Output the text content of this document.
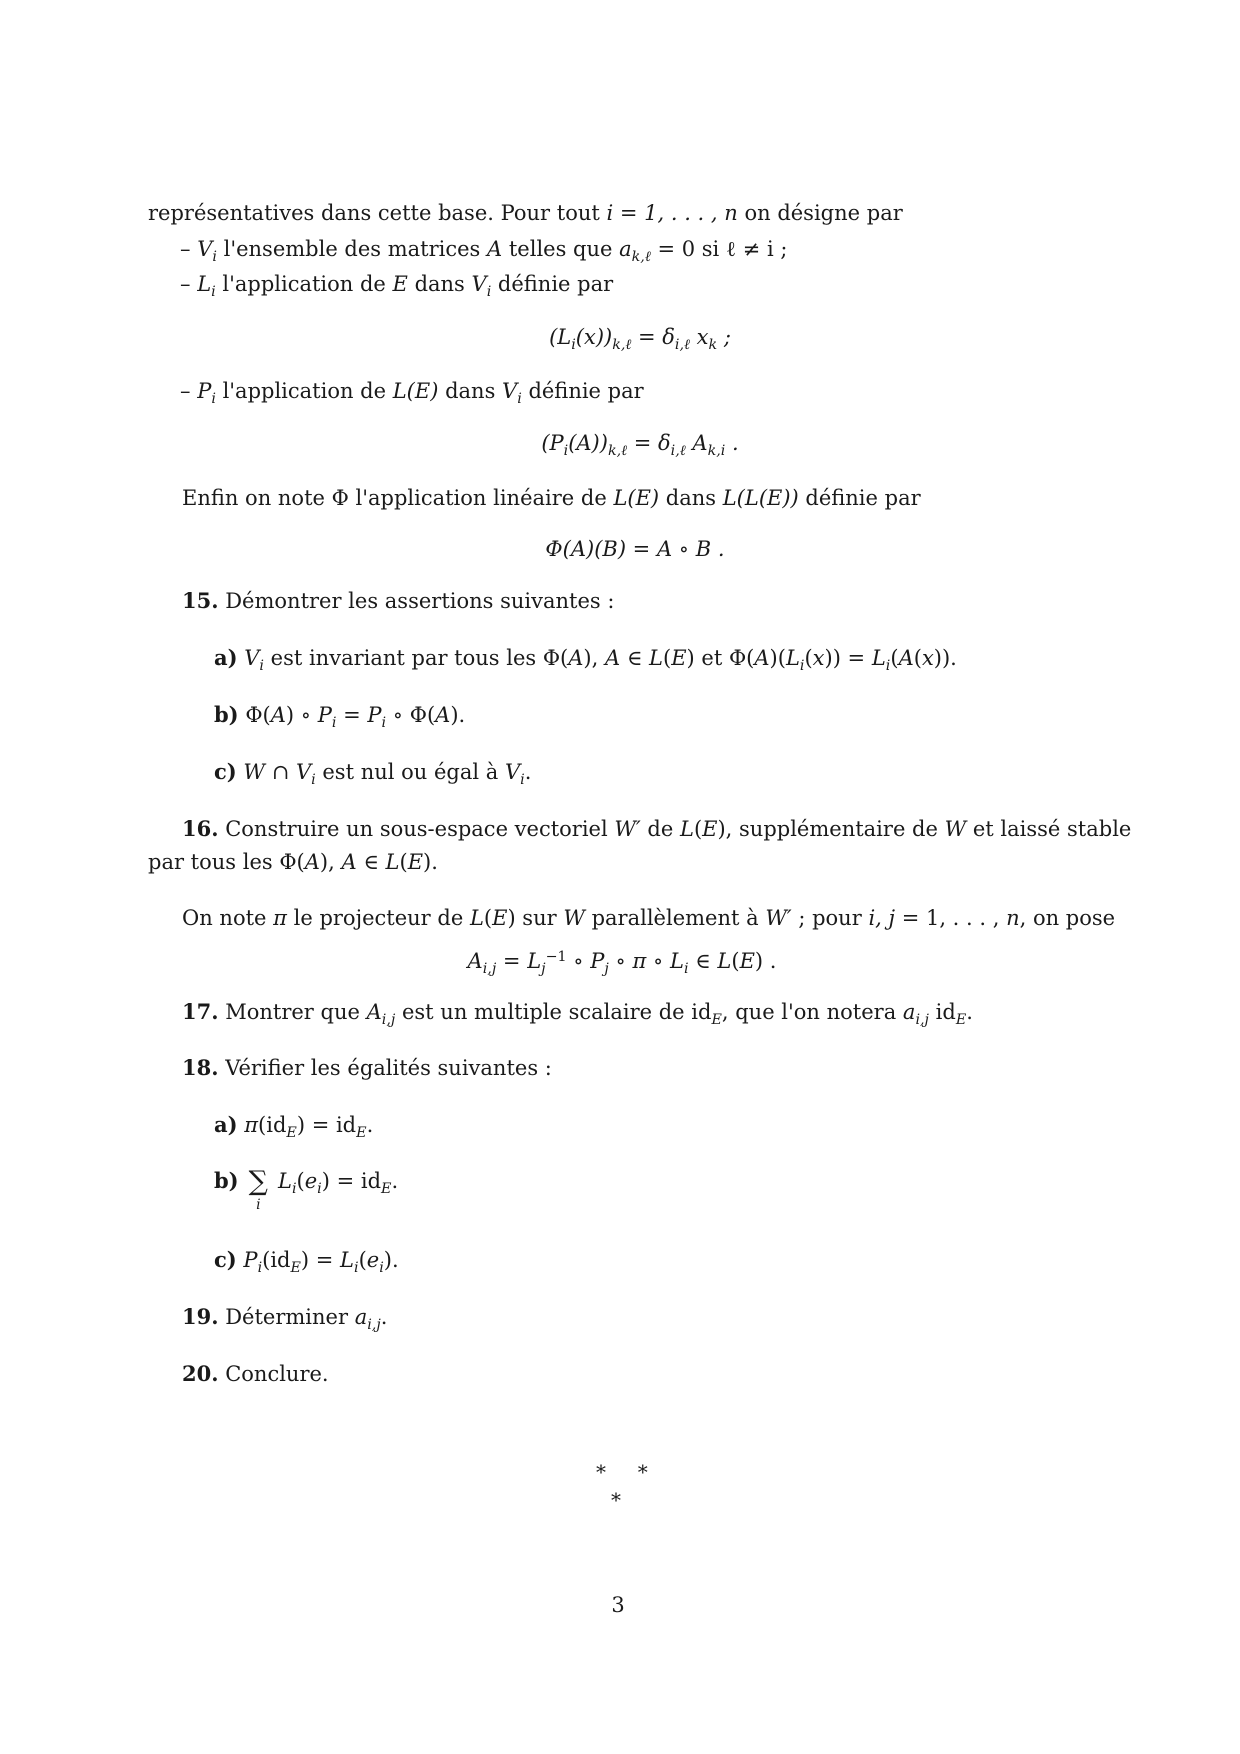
représentatives dans cette base. Pour tout i = 1, . . . , n on désigne par
– $V_i$ l'ensemble des matrices A telles que $a_{k,\ell} = 0$ si ℓ ≠ i ;
– $L_i$ l'application de E dans $V_i$ définie par
$(L_i(x))_{k,\ell} = \delta_{i,\ell}$ $x_k$ ;
– $P_i$ l'application de L(E) dans $V_i$ définie par
$(P_i(A))_{k,\ell} = \delta_{i,\ell}$ $A_{k,i}$ .
Enfin on note Φ l'application linéaire de L(E) dans L(L(E)) définie par
Φ(A)(B) = A ∘ B .
15. Démontrer les assertions suivantes :
a) $V_i$ est invariant par tous les Φ(A), A ∈ L(E) et $\Phi(A)(L_i(x)) = L_i(A(x))$.
b) Φ(A) ∘ $P_i = P_i$ ∘ Φ(A).
c) W ∩ $V_i$ est nul ou égal à $V_i$.
16. Construire un sous-espace vectoriel W′ de L(E), supplémentaire de W et laissé stable
par tous les Φ(A), A ∈ L(E).
On note π le projecteur de L(E) sur W parallèlement à W′ ; pour i, j = 1, . . . , n, on pose
$A_{i,j} = L_j^{-1}$ ∘ $P_j$ ∘ π ∘ $L_i$ ∈ L(E) .
17. Montrer que $A_{i,j}$ est un multiple scalaire de $id_E$, que l'on notera $a_{i,j}$ $id_E$.
18. Vérifier les égalités suivantes :
a) $\pi(id_E) = id_E$.
b) ∑
i
$L_i(e_i) = id_E$.
c) $P_i(id_E) = L_i(e_i)$.
19. Déterminer $a_{i,j}$.
20. Conclure.
*     *
*
3
